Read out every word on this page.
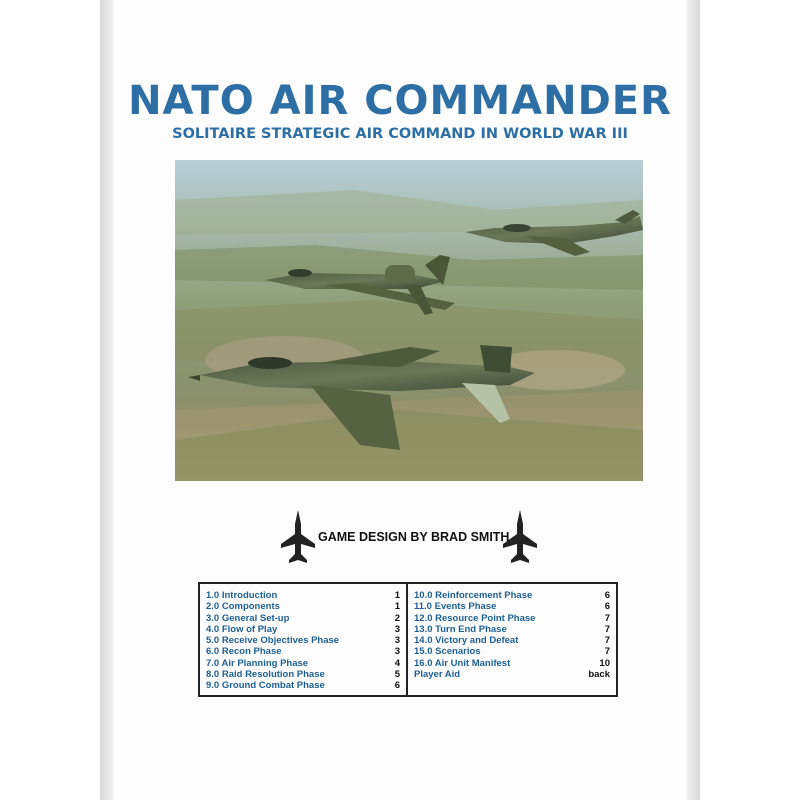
NATO AIR COMMANDER
SOLITAIRE STRATEGIC AIR COMMAND IN WORLD WAR III
GAME DESIGN BY BRAD SMITH
1.0 Introduction	1
2.0 Components	1
3.0 General Set-up	2
4.0 Flow of Play	3
5.0 Receive Objectives Phase	3
6.0 Recon Phase	3
7.0 Air Planning Phase	4
8.0 Raid Resolution Phase	5
9.0 Ground Combat Phase	6
10.0 Reinforcement Phase	6
11.0 Events Phase	6
12.0 Resource Point Phase	7
13.0 Turn End Phase	7
14.0 Victory and Defeat	7
15.0 Scenarios	7
16.0 Air Unit Manifest	10
Player Aid	back
